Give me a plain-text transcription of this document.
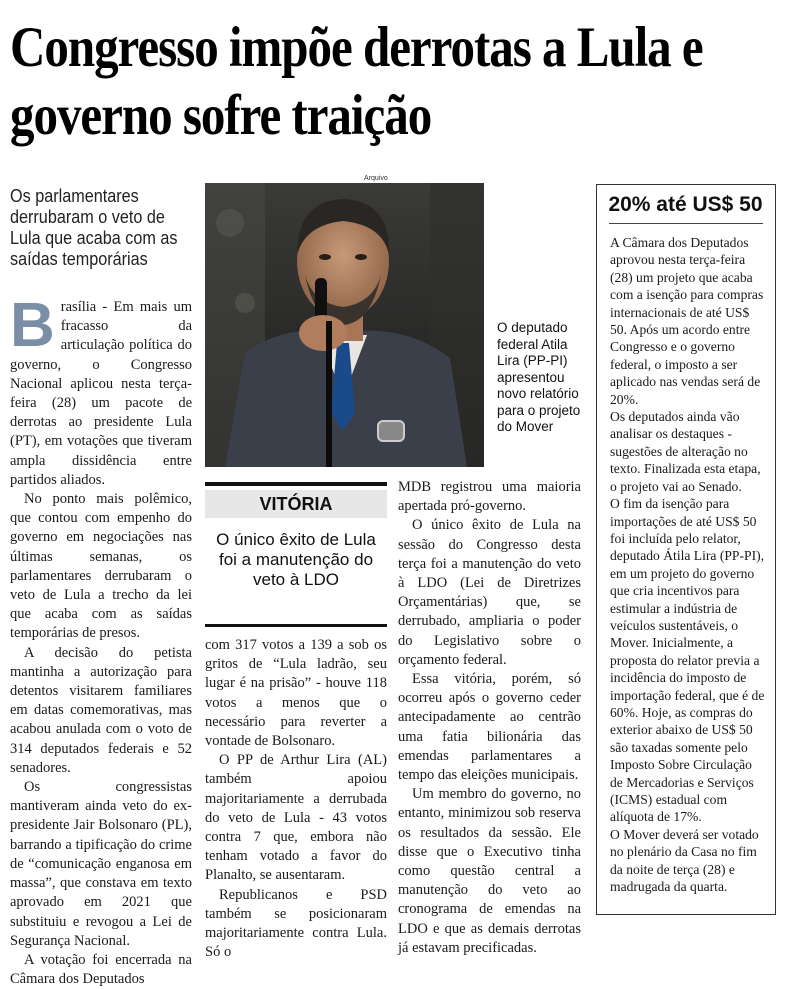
Congresso impõe derrotas a Lula e governo sofre traição
Os parlamentares derrubaram o veto de Lula que acaba com as saídas temporárias

Brasília - Em mais um fracasso da articulação política do governo, o Congresso Nacional aplicou nesta terça-feira (28) um pacote de derrotas ao presidente Lula (PT), em votações que tiveram ampla dissidência entre partidos aliados.

No ponto mais polêmico, que contou com empenho do governo em negociações nas últimas semanas, os parlamentares derrubaram o veto de Lula a trecho da lei que acaba com as saídas temporárias de presos.

A decisão do petista mantinha a autorização para detentos visitarem familiares em datas comemorativas, mas acabou anulada com o voto de 314 deputados federais e 52 senadores.

Os congressistas mantiveram ainda veto do ex-presidente Jair Bolsonaro (PL), barrando a tipificação do crime de “comunicação enganosa em massa”, que constava em texto aprovado em 2021 que substituiu e revogou a Lei de Segurança Nacional.

A votação foi encerrada na Câmara dos Deputados

Arquivo
O deputado federal Atila Lira (PP-PI) apresentou novo relatório para o projeto do Mover
VITÓRIA
O único êxito de Lula foi a manutenção do veto à LDO

com 317 votos a 139 a sob os gritos de “Lula ladrão, seu lugar é na prisão” - houve 118 votos a menos que o necessário para reverter a vontade de Bolsonaro.

O PP de Arthur Lira (AL) também apoiou majoritariamente a derrubada do veto de Lula - 43 votos contra 7 que, embora não tenham votado a favor do Planalto, se ausentaram.

Republicanos e PSD também se posicionaram majoritariamente contra Lula. Só o

MDB registrou uma maioria apertada pró-governo.

O único êxito de Lula na sessão do Congresso desta terça foi a manutenção do veto à LDO (Lei de Diretrizes Orçamentárias) que, se derrubado, ampliaria o poder do Legislativo sobre o orçamento federal.

Essa vitória, porém, só ocorreu após o governo ceder antecipadamente ao centrão uma fatia bilionária das emendas parlamentares a tempo das eleições municipais.

Um membro do governo, no entanto, minimizou sob reserva os resultados da sessão. Ele disse que o Executivo tinha como questão central a manutenção do veto ao cronograma de emendas na LDO e que as demais derrotas já estavam precificadas.

20% até US$ 50

A Câmara dos Deputados aprovou nesta terça-feira (28) um projeto que acaba com a isenção para compras internacionais de até US$ 50. Após um acordo entre Congresso e o governo federal, o imposto a ser aplicado nas vendas será de 20%.

Os deputados ainda vão analisar os destaques - sugestões de alteração no texto. Finalizada esta etapa, o projeto vai ao Senado.

O fim da isenção para importações de até US$ 50 foi incluída pelo relator, deputado Átila Lira (PP-PI), em um projeto do governo que cria incentivos para estimular a indústria de veículos sustentáveis, o Mover. Inicialmente, a proposta do relator previa a incidência do imposto de importação federal, que é de 60%. Hoje, as compras do exterior abaixo de US$ 50 são taxadas somente pelo Imposto Sobre Circulação de Mercadorias e Serviços (ICMS) estadual com alíquota de 17%.

O Mover deverá ser votado no plenário da Casa no fim da noite de terça (28) e madrugada da quarta.
